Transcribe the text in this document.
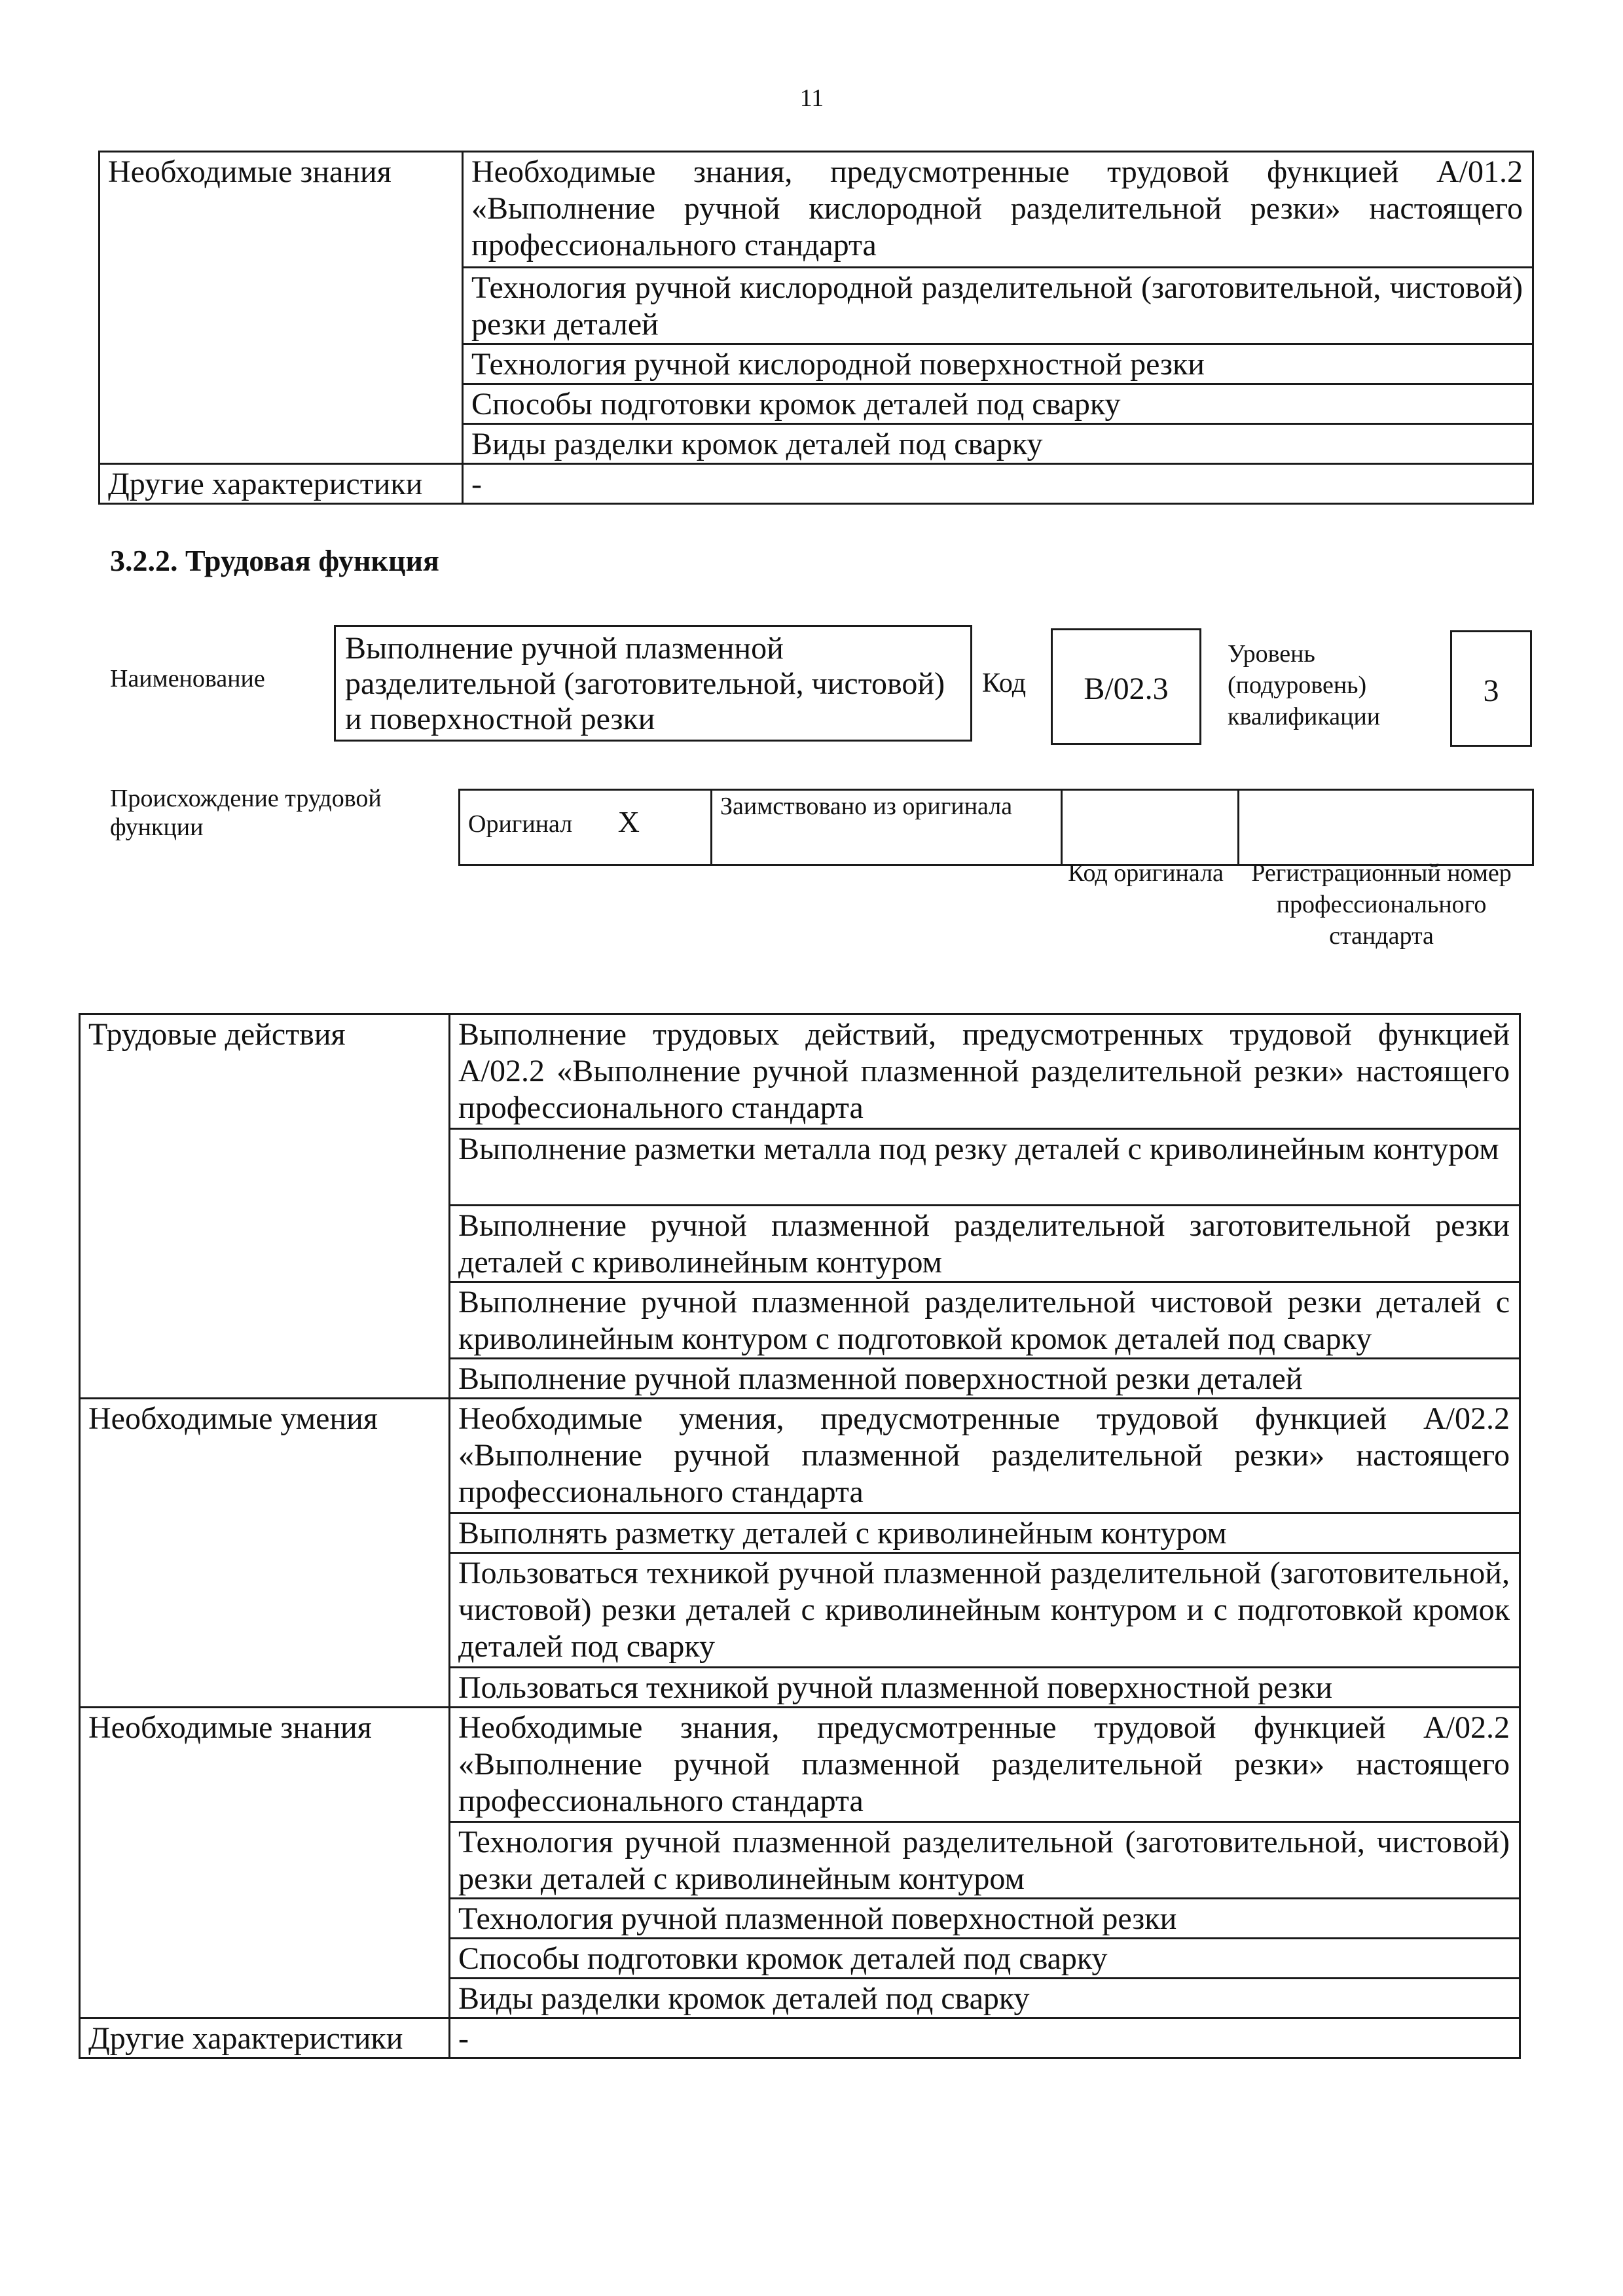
11
Необходимые знания	Необходимые знания, предусмотренные трудовой функцией А/01.2 «Выполнение ручной кислородной разделительной резки» настоящего профессионального стандарта
	Технология ручной кислородной разделительной (заготовительной, чистовой) резки деталей
	Технология ручной кислородной поверхностной резки
	Способы подготовки кромок деталей под сварку
	Виды разделки кромок деталей под сварку
Другие характеристики	-
3.2.2. Трудовая функция
Наименование
Выполнение ручной плазменной разделительной (заготовительной, чистовой) и поверхностной резки
Код	В/02.3
Уровень (подуровень) квалификации
3
Происхождение трудовой функции	Оригинал X	Заимствовано из оригинала		
Код оригинала Регистрационный номер профессионального стандарта
Трудовые действия	Выполнение трудовых действий, предусмотренных трудовой функцией А/02.2 «Выполнение ручной плазменной разделительной резки» настоящего профессионального стандарта
	Выполнение разметки металла под резку деталей с криволинейным контуром
	Выполнение ручной плазменной разделительной заготовительной резки деталей с криволинейным контуром
	Выполнение ручной плазменной разделительной чистовой резки деталей с криволинейным контуром с подготовкой кромок деталей под сварку
	Выполнение ручной плазменной поверхностной резки деталей
Необходимые умения	Необходимые умения, предусмотренные трудовой функцией А/02.2 «Выполнение ручной плазменной разделительной резки» настоящего профессионального стандарта
	Выполнять разметку деталей с криволинейным контуром
	Пользоваться техникой ручной плазменной разделительной (заготовительной, чистовой) резки деталей с криволинейным контуром и с подготовкой кромок деталей под сварку
	Пользоваться техникой ручной плазменной поверхностной резки
Необходимые знания	Необходимые знания, предусмотренные трудовой функцией А/02.2 «Выполнение ручной плазменной разделительной резки» настоящего профессионального стандарта
	Технология ручной плазменной разделительной (заготовительной, чистовой) резки деталей с криволинейным контуром
	Технология ручной плазменной поверхностной резки
	Способы подготовки кромок деталей под сварку
	Виды разделки кромок деталей под сварку
Другие характеристики	-
